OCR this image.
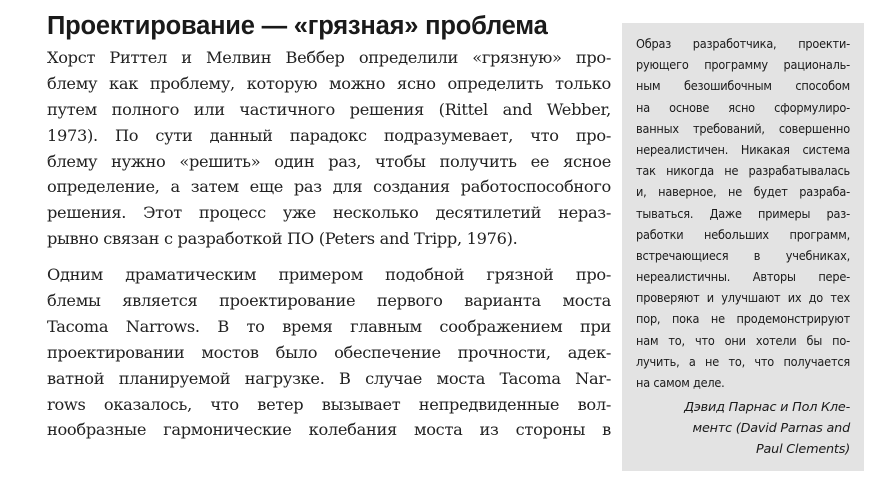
Проектирование — «грязная» проблема
Хорст Риттел и Мелвин Веббер определили «грязную» про-
блему как проблему, которую можно ясно определить только
путем полного или частичного решения (Rittel and Webber,
1973). По сути данный парадокс подразумевает, что про-
блему нужно «решить» один раз, чтобы получить ее ясное
определение, а затем еще раз для создания работоспособного
решения. Этот процесс уже несколько десятилетий нераз-
рывно связан с разработкой ПО (Peters and Tripp, 1976).
Одним драматическим примером подобной грязной про-
блемы является проектирование первого варианта моста
Tacoma Narrows. В то время главным соображением при
проектировании мостов было обеспечение прочности, адек-
ватной планируемой нагрузке. В случае моста Tacoma Nar-
rows оказалось, что ветер вызывает непредвиденные вол-
нообразные гармонические колебания моста из стороны в
Образ разработчика, проекти-
рующего программу рациональ-
ным безошибочным способом
на основе ясно сформулиро-
ванных требований, совершенно
нереалистичен. Никакая система
так никогда не разрабатывалась
и, наверное, не будет разраба-
тываться. Даже примеры раз-
работки небольших программ,
встречающиеся в учебниках,
нереалистичны. Авторы пере-
проверяют и улучшают их до тех
пор, пока не продемонстрируют
нам то, что они хотели бы по-
лучить, а не то, что получается
на самом деле.
Дэвид Парнас и Пол Кле-
ментс (David Parnas and
Paul Clements)
